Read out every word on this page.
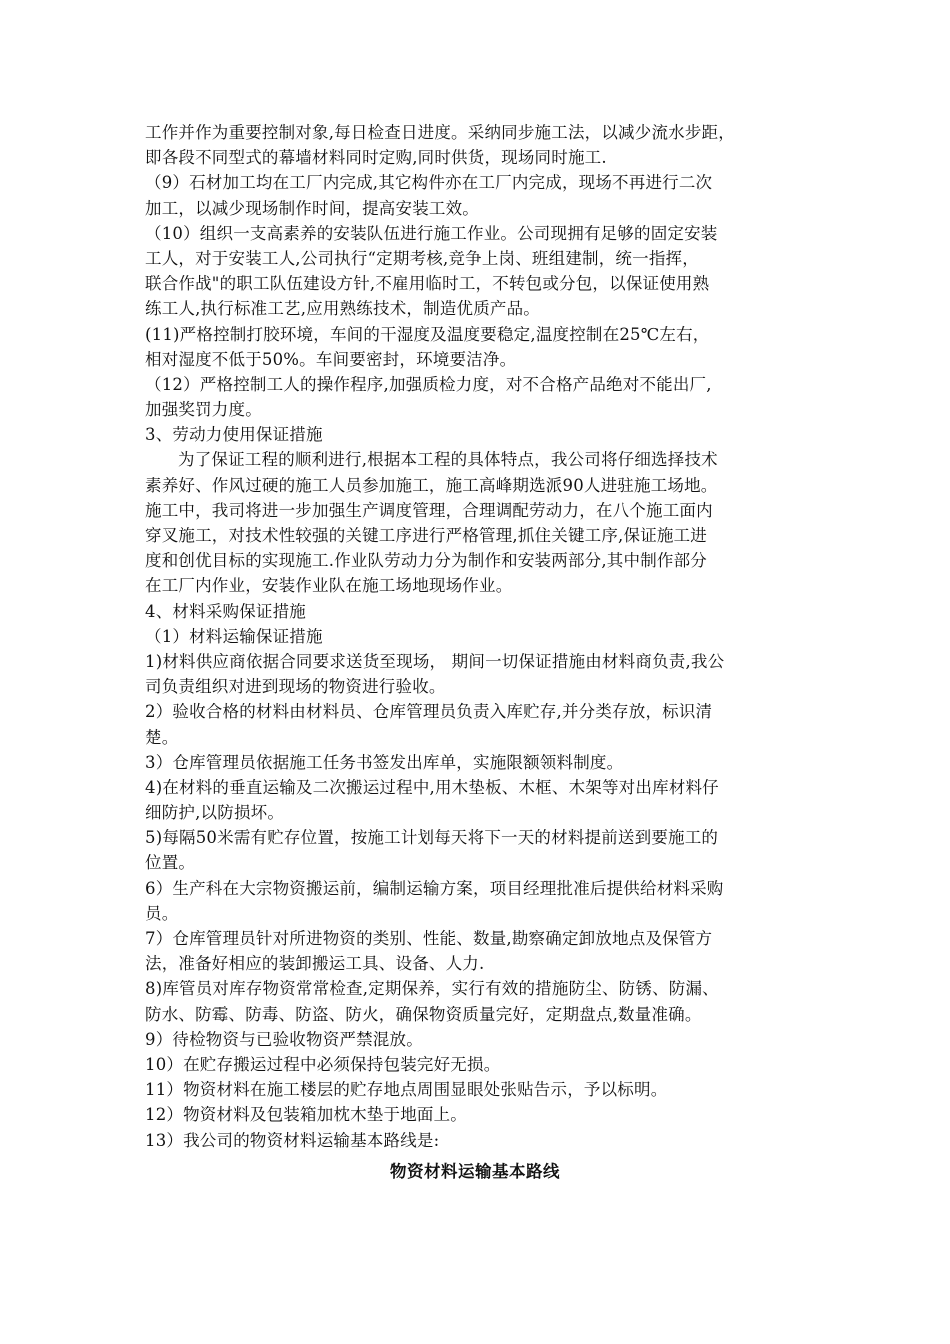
工作并作为重要控制对象,每日检查日进度。采纳同步施工法，以减少流水步距，
即各段不同型式的幕墙材料同时定购,同时供货，现场同时施工.
（9）石材加工均在工厂内完成,其它构件亦在工厂内完成，现场不再进行二次
加工，以减少现场制作时间，提高安装工效。
（10）组织一支高素养的安装队伍进行施工作业。公司现拥有足够的固定安装
工人，对于安装工人,公司执行“定期考核,竞争上岗、班组建制，统一指挥，
联合作战"的职工队伍建设方针,不雇用临时工，不转包或分包，以保证使用熟
练工人,执行标准工艺,应用熟练技术，制造优质产品。
(11)严格控制打胶环境，车间的干湿度及温度要稳定,温度控制在25℃左右，
相对湿度不低于50%。车间要密封，环境要洁净。
（12）严格控制工人的操作程序,加强质检力度，对不合格产品绝对不能出厂,
加强奖罚力度。
3、劳动力使用保证措施
为了保证工程的顺利进行,根据本工程的具体特点，我公司将仔细选择技术
素养好、作风过硬的施工人员参加施工，施工高峰期选派90人进驻施工场地。
施工中，我司将进一步加强生产调度管理，合理调配劳动力，在八个施工面内
穿叉施工，对技术性较强的关键工序进行严格管理,抓住关键工序,保证施工进
度和创优目标的实现施工.作业队劳动力分为制作和安装两部分,其中制作部分
在工厂内作业，安装作业队在施工场地现场作业。
4、材料采购保证措施
（1）材料运输保证措施
1)材料供应商依据合同要求送货至现场， 期间一切保证措施由材料商负责,我公
司负责组织对进到现场的物资进行验收。
2）验收合格的材料由材料员、仓库管理员负责入库贮存,并分类存放，标识清
楚。
3）仓库管理员依据施工任务书签发出库单，实施限额领料制度。
4)在材料的垂直运输及二次搬运过程中,用木垫板、木框、木架等对出库材料仔
细防护,以防损坏。
5)每隔50米需有贮存位置，按施工计划每天将下一天的材料提前送到要施工的
位置。
6）生产科在大宗物资搬运前，编制运输方案，项目经理批准后提供给材料采购
员。
7）仓库管理员针对所进物资的类别、性能、数量,勘察确定卸放地点及保管方
法，准备好相应的装卸搬运工具、设备、人力.
8)库管员对库存物资常常检查,定期保养，实行有效的措施防尘、防锈、防漏、
防水、防霉、防毒、防盗、防火，确保物资质量完好，定期盘点,数量准确。
9）待检物资与已验收物资严禁混放。
10）在贮存搬运过程中必须保持包装完好无损。
11）物资材料在施工楼层的贮存地点周围显眼处张贴告示，予以标明。
12）物资材料及包装箱加枕木垫于地面上。
13）我公司的物资材料运输基本路线是:
物资材料运输基本路线
